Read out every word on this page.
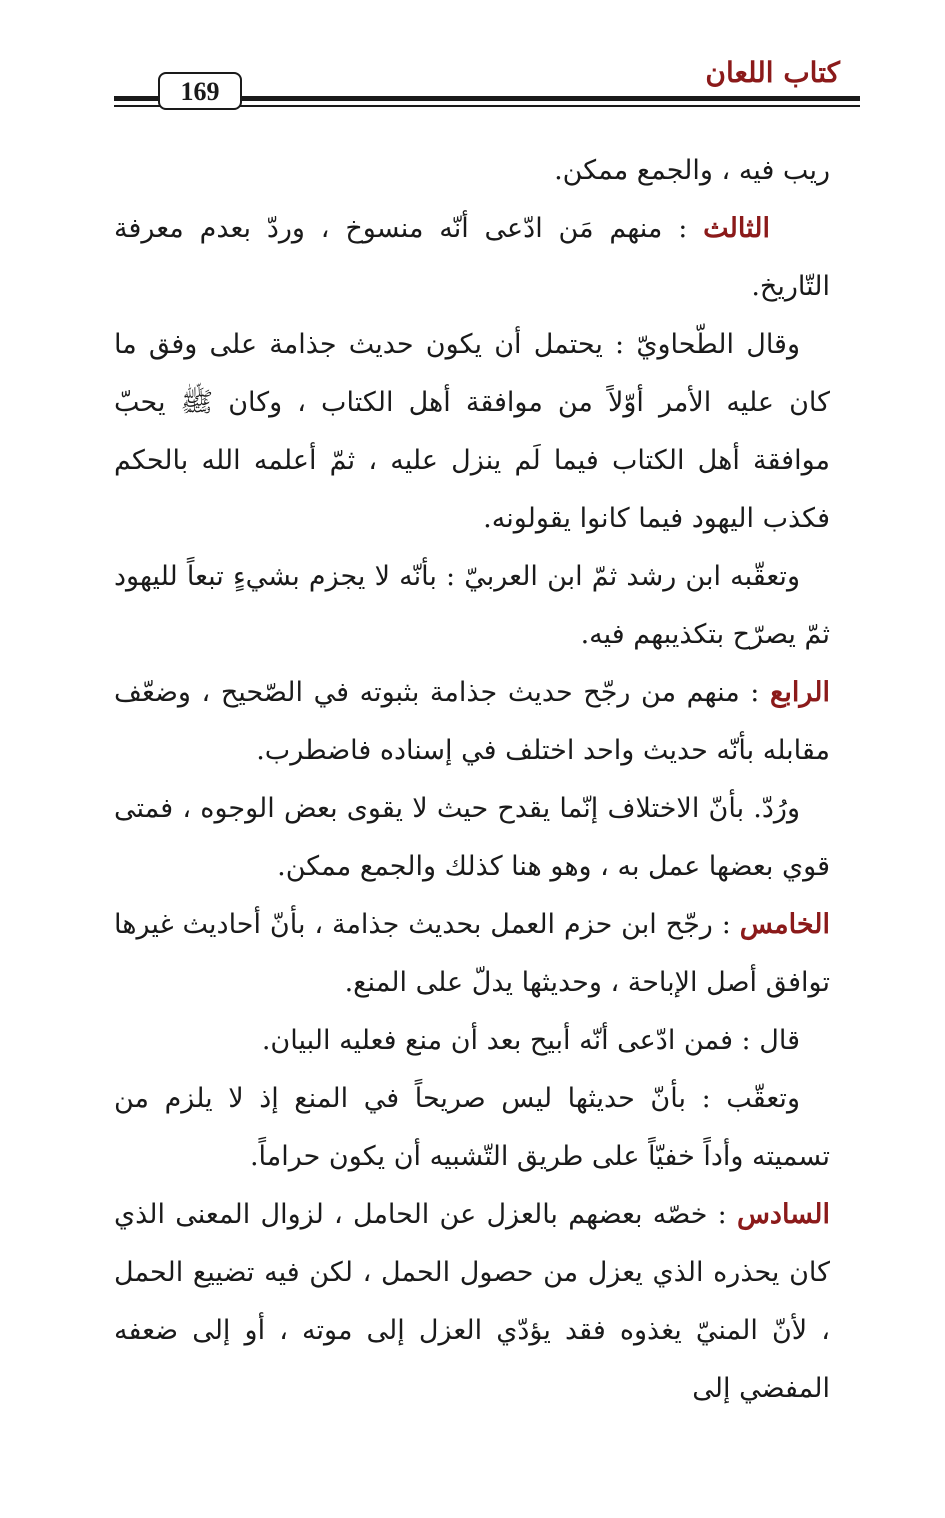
كتاب اللعان
169

ريب فيه ، والجمع ممكن.

الثالث : منهم مَن ادّعى أنّه منسوخ ، وردّ بعدم معرفة التّاريخ.

وقال الطّحاويّ : يحتمل أن يكون حديث جذامة على وفق ما كان عليه الأمر أوّلاً من موافقة أهل الكتاب ، وكان ﷺ يحبّ موافقة أهل الكتاب فيما لَم ينزل عليه ، ثمّ أعلمه الله بالحكم فكذب اليهود فيما كانوا يقولونه.

وتعقّبه ابن رشد ثمّ ابن العربيّ : بأنّه لا يجزم بشيءٍ تبعاً لليهود ثمّ يصرّح بتكذيبهم فيه.

الرابع : منهم من رجّح حديث جذامة بثبوته في الصّحيح ، وضعّف مقابله بأنّه حديث واحد اختلف في إسناده فاضطرب.

ورُدّ. بأنّ الاختلاف إنّما يقدح حيث لا يقوى بعض الوجوه ، فمتى قوي بعضها عمل به ، وهو هنا كذلك والجمع ممكن.

الخامس : رجّح ابن حزم العمل بحديث جذامة ، بأنّ أحاديث غيرها توافق أصل الإباحة ، وحديثها يدلّ على المنع.

قال : فمن ادّعى أنّه أبيح بعد أن منع فعليه البيان.

وتعقّب : بأنّ حديثها ليس صريحاً في المنع إذ لا يلزم من تسميته وأداً خفيّاً على طريق التّشبيه أن يكون حراماً.

السادس : خصّه بعضهم بالعزل عن الحامل ، لزوال المعنى الذي كان يحذره الذي يعزل من حصول الحمل ، لكن فيه تضييع الحمل ، لأنّ المنيّ يغذوه فقد يؤدّي العزل إلى موته ، أو إلى ضعفه المفضي إلى
